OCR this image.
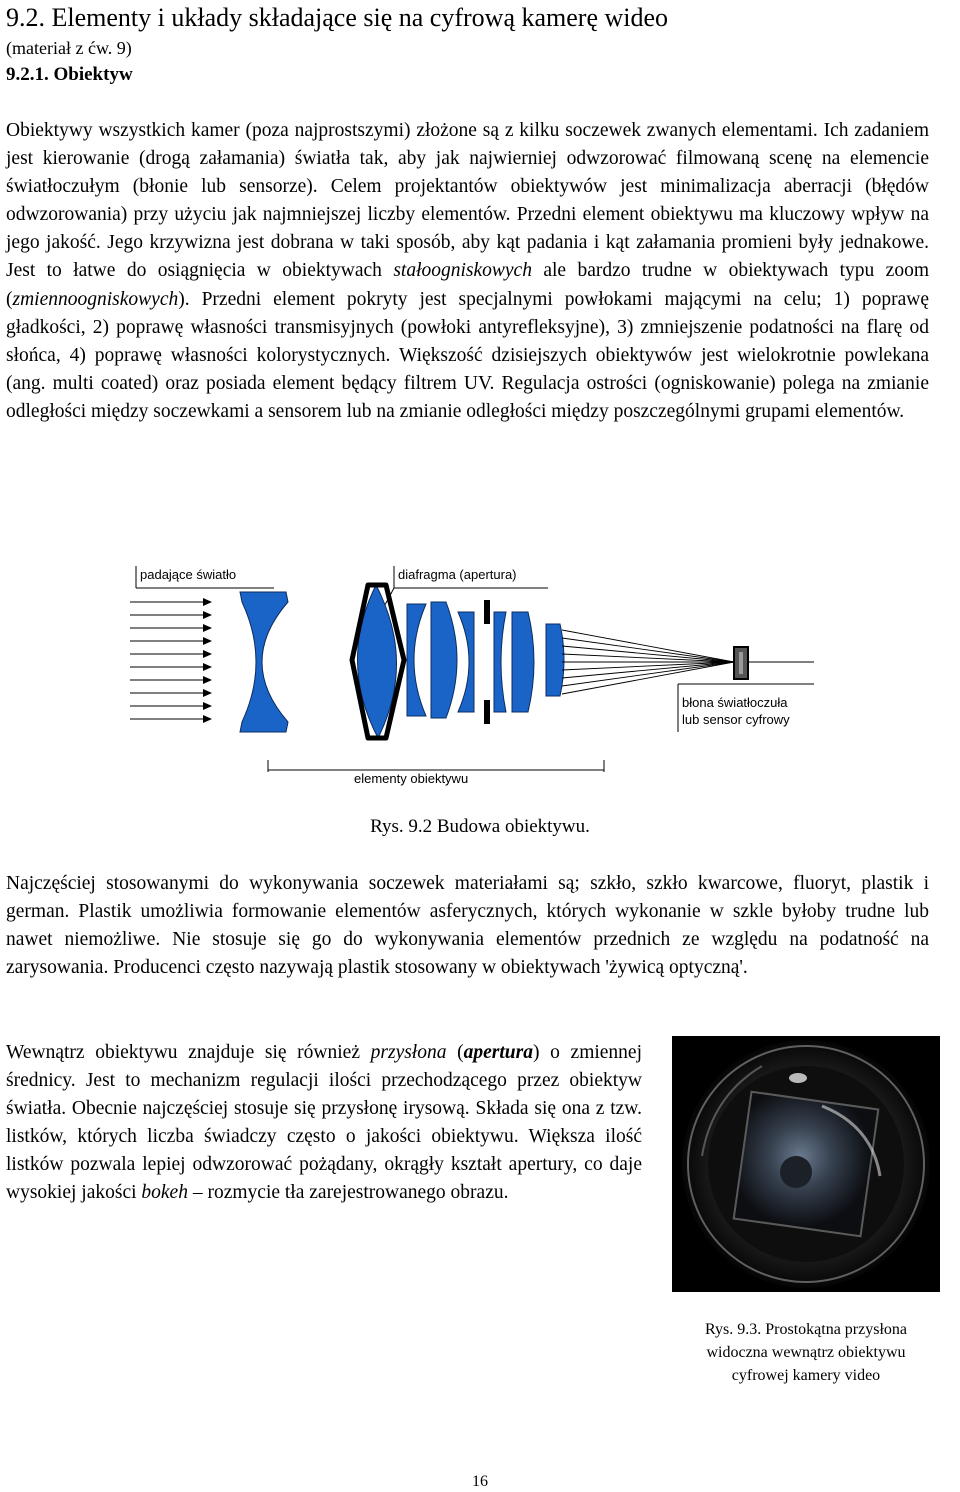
9.2. Elementy i układy składające się na cyfrową kamerę wideo
(materiał z ćw. 9)
9.2.1. Obiektyw

Obiektywy wszystkich kamer (poza najprostszymi) złożone są z kilku soczewek zwanych elementami. Ich zadaniem jest kierowanie (drogą załamania) światła tak, aby jak najwierniej odwzorować filmowaną scenę na elemencie światłoczułym (błonie lub sensorze). Celem projektantów obiektywów jest minimalizacja aberracji (błędów odwzorowania) przy użyciu jak najmniejszej liczby elementów. Przedni element obiektywu ma kluczowy wpływ na jego jakość. Jego krzywizna jest dobrana w taki sposób, aby kąt padania i kąt załamania promieni były jednakowe. Jest to łatwe do osiągnięcia w obiektywach stałoogniskowych ale bardzo trudne w obiektywach typu zoom (zmiennoogniskowych). Przedni element pokryty jest specjalnymi powłokami mającymi na celu; 1) poprawę gładkości, 2) poprawę własności transmisyjnych (powłoki antyrefleksyjne), 3) zmniejszenie podatności na flarę od słońca, 4) poprawę własności kolorystycznych. Większość dzisiejszych obiektywów jest wielokrotnie powlekana (ang. multi coated) oraz posiada element będący filtrem UV. Regulacja ostrości (ogniskowanie) polega na zmianie odległości między soczewkami a sensorem lub na zmianie odległości między poszczególnymi grupami elementów.

padające światło	diafragma (apertura)
błona światłoczuła
lub sensor cyfrowy
elementy obiektywu
Rys. 9.2 Budowa obiektywu.

Najczęściej stosowanymi do wykonywania soczewek materiałami są; szkło, szkło kwarcowe, fluoryt, plastik i german. Plastik umożliwia formowanie elementów asferycznych, których wykonanie w szkle byłoby trudne lub nawet niemożliwe. Nie stosuje się go do wykonywania elementów przednich ze względu na podatność na zarysowania. Producenci często nazywają plastik stosowany w obiektywach 'żywicą optyczną'.

Wewnątrz obiektywu znajduje się również przysłona (apertura) o zmiennej średnicy. Jest to mechanizm regulacji ilości przechodzącego przez obiektyw światła. Obecnie najczęściej stosuje się przysłonę irysową. Składa się ona z tzw. listków, których liczba świadczy często o jakości obiektywu. Większa ilość listków pozwala lepiej odwzorować pożądany, okrągły kształt apertury, co daje wysokiej jakości bokeh – rozmycie tła zarejestrowanego obrazu.

Rys. 9.3. Prostokątna przysłona
widoczna wewnątrz obiektywu
cyfrowej kamery video
16
